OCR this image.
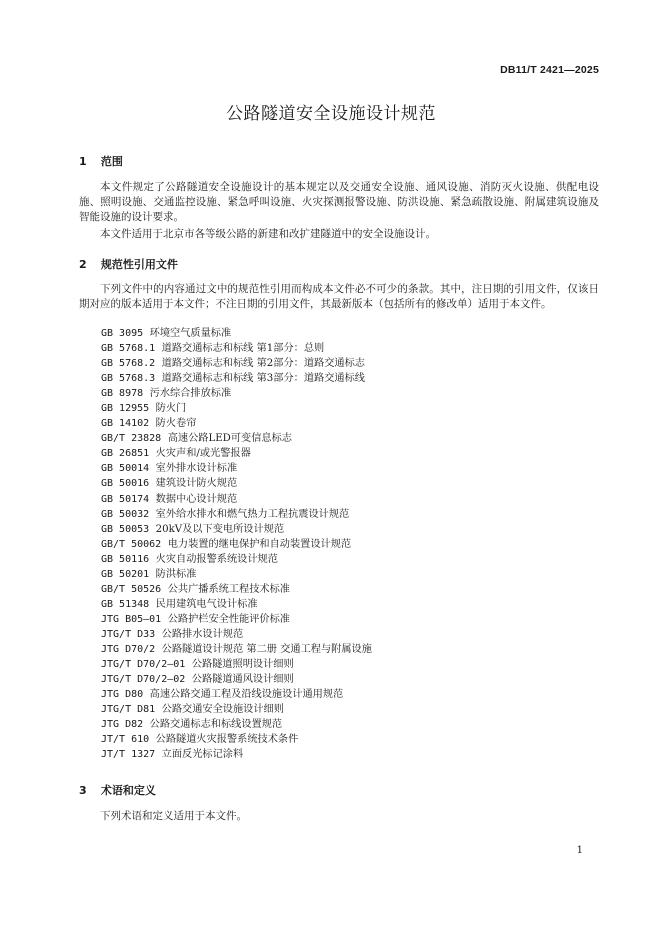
DB11/T 2421—2025
公路隧道安全设施设计规范
1 范围
本文件规定了公路隧道安全设施设计的基本规定以及交通安全设施、通风设施、消防灭火设施、供配电设施、照明设施、交通监控设施、紧急呼叫设施、火灾探测报警设施、防洪设施、紧急疏散设施、附属建筑设施及智能设施的设计要求。
本文件适用于北京市各等级公路的新建和改扩建隧道中的安全设施设计。
2 规范性引用文件
下列文件中的内容通过文中的规范性引用而构成本文件必不可少的条款。其中，注日期的引用文件，仅该日期对应的版本适用于本文件；不注日期的引用文件，其最新版本（包括所有的修改单）适用于本文件。
GB 3095 环境空气质量标准
GB 5768.1 道路交通标志和标线 第1部分：总则
GB 5768.2 道路交通标志和标线 第2部分：道路交通标志
GB 5768.3 道路交通标志和标线 第3部分：道路交通标线
GB 8978 污水综合排放标准
GB 12955 防火门
GB 14102 防火卷帘
GB/T 23828 高速公路LED可变信息标志
GB 26851 火灾声和/或光警报器
GB 50014 室外排水设计标准
GB 50016 建筑设计防火规范
GB 50174 数据中心设计规范
GB 50032 室外给水排水和燃气热力工程抗震设计规范
GB 50053 20kV及以下变电所设计规范
GB/T 50062 电力装置的继电保护和自动装置设计规范
GB 50116 火灾自动报警系统设计规范
GB 50201 防洪标准
GB/T 50526 公共广播系统工程技术标准
GB 51348 民用建筑电气设计标准
JTG B05—01 公路护栏安全性能评价标准
JTG/T D33 公路排水设计规范
JTG D70/2 公路隧道设计规范 第二册 交通工程与附属设施
JTG/T D70/2—01 公路隧道照明设计细则
JTG/T D70/2—02 公路隧道通风设计细则
JTG D80 高速公路交通工程及沿线设施设计通用规范
JTG/T D81 公路交通安全设施设计细则
JTG D82 公路交通标志和标线设置规范
JT/T 610 公路隧道火灾报警系统技术条件
JT/T 1327 立面反光标记涂料
3 术语和定义
下列术语和定义适用于本文件。
1
